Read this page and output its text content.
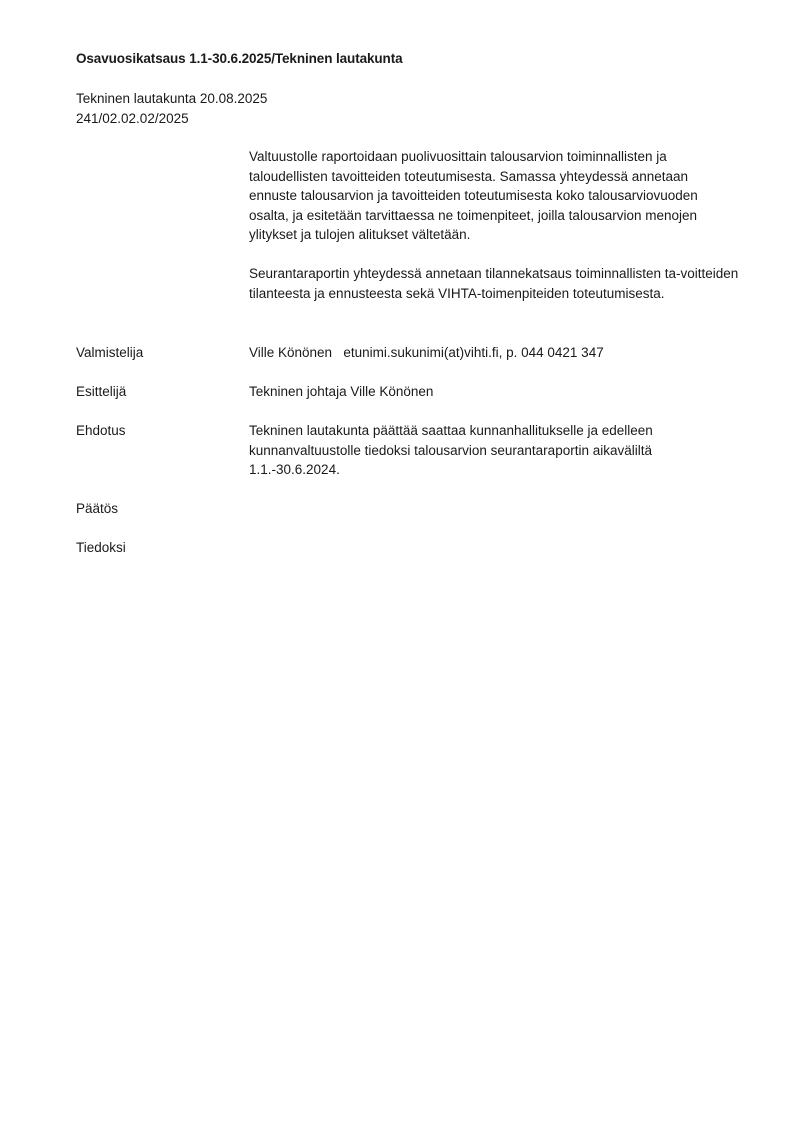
Osavuosikatsaus 1.1-30.6.2025/Tekninen lautakunta
Tekninen lautakunta 20.08.2025
241/02.02.02/2025

Valtuustolle raportoidaan puolivuosittain talousarvion toiminnallisten ja taloudellisten tavoitteiden toteutumisesta. Samassa yhteydessä annetaan ennuste talousarvion ja tavoitteiden toteutumisesta koko talousarviovuoden osalta, ja esitetään tarvittaessa ne toimenpiteet, joilla talousarvion menojen ylitykset ja tulojen alitukset vältetään.

Seurantaraportin yhteydessä annetaan tilannekatsaus toiminnallisten ta-voitteiden tilanteesta ja ennusteesta sekä VIHTA-toimenpiteiden toteutumisesta.

Valmistelija	Ville Könönen   etunimi.sukunimi(at)vihti.fi, p. 044 0421 347

Esittelijä	Tekninen johtaja Ville Könönen

Ehdotus	Tekninen lautakunta päättää saattaa kunnanhallitukselle ja edelleen kunnanvaltuustolle tiedoksi talousarvion seurantaraportin aikaväliltä 1.1.-30.6.2024.

Päätös
Tiedoksi
